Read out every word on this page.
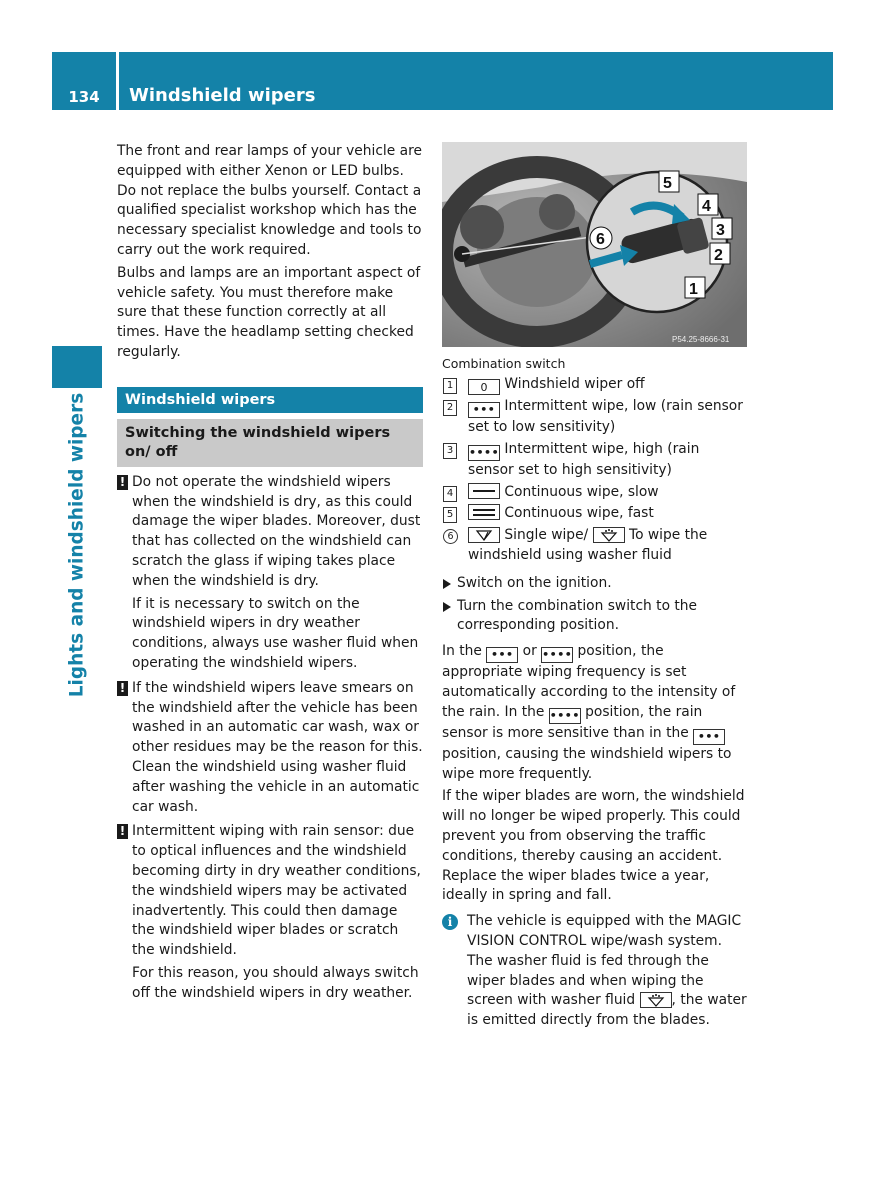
134	Windshield wipers
Lights and windshield wipers

The front and rear lamps of your vehicle are equipped with either Xenon or LED bulbs. Do not replace the bulbs yourself. Contact a qualified specialist workshop which has the necessary specialist knowledge and tools to carry out the work required.

Bulbs and lamps are an important aspect of vehicle safety. You must therefore make sure that these function correctly at all times. Have the headlamp setting checked regularly.

Windshield wipers
Switching the windshield wipers on/ off
! Do not operate the windshield wipers when the windshield is dry, as this could damage the wiper blades. Moreover, dust that has collected on the windshield can scratch the glass if wiping takes place when the windshield is dry.

If it is necessary to switch on the windshield wipers in dry weather conditions, always use washer fluid when operating the windshield wipers.

! If the windshield wipers leave smears on the windshield after the vehicle has been washed in an automatic car wash, wax or other residues may be the reason for this. Clean the windshield using washer fluid after washing the vehicle in an automatic car wash.

! Intermittent wiping with rain sensor: due to optical influences and the windshield becoming dirty in dry weather conditions, the windshield wipers may be activated inadvertently. This could then damage the windshield wiper blades or scratch the windshield.

For this reason, you should always switch off the windshield wipers in dry weather.

5
4
3
2
1
6
P54.25-8666-31
Combination switch
1	0 Windshield wiper off
2	••• Intermittent wipe, low (rain sensor set to low sensitivity)
3	•••• Intermittent wipe, high (rain sensor set to high sensitivity)
4	Continuous wipe, slow
5	Continuous wipe, fast
6	Single wipe/	To wipe the windshield using washer fluid
Switch on the ignition.
Turn the combination switch to the corresponding position.

In the ••• or •••• position, the appropriate wiping frequency is set automatically according to the intensity of the rain. In the •••• position, the rain sensor is more sensitive than in the ••• position, causing the windshield wipers to wipe more frequently.

If the wiper blades are worn, the windshield will no longer be wiped properly. This could prevent you from observing the traffic conditions, thereby causing an accident. Replace the wiper blades twice a year, ideally in spring and fall.

i	The vehicle is equipped with the MAGIC VISION CONTROL wipe/wash system. The washer fluid is fed through the wiper blades and when wiping the screen with washer fluid	, the water is emitted directly from the blades.
